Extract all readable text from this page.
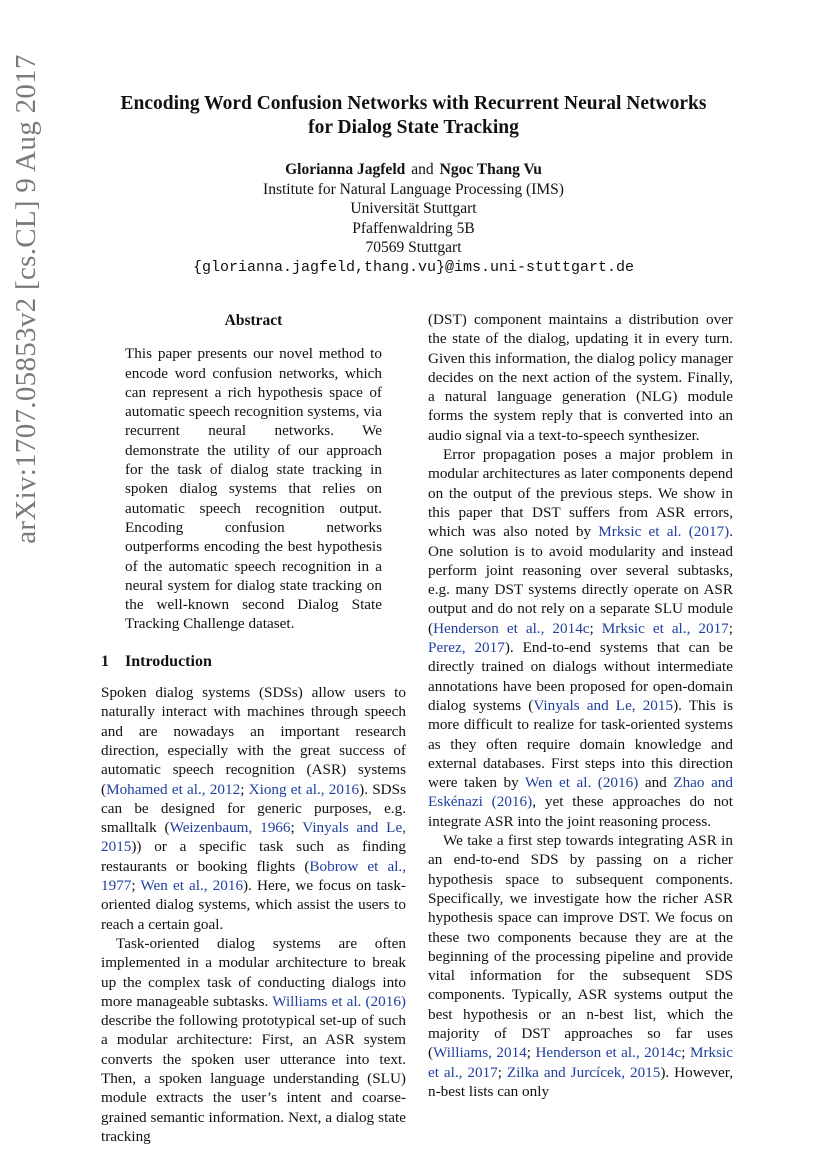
arXiv:1707.05853v2 [cs.CL] 9 Aug 2017	Encoding Word Confusion Networks with Recurrent Neural Networks
for Dialog State Tracking
Glorianna Jagfeld and Ngoc Thang Vu
Institute for Natural Language Processing (IMS)
Universität Stuttgart
Pfaffenwaldring 5B
70569 Stuttgart
{glorianna.jagfeld,thang.vu}@ims.uni-stuttgart.de
Abstract
This paper presents our novel method to encode word confusion networks, which can represent a rich hypothesis space of automatic speech recognition systems, via recurrent neural networks. We demonstrate the utility of our approach for the task of dialog state tracking in spoken dialog systems that relies on automatic speech recognition output. Encoding confusion networks outperforms encoding the best hypothesis of the automatic speech recognition in a neural system for dialog state tracking on the well-known second Dialog State Tracking Challenge dataset.
1 Introduction

Spoken dialog systems (SDSs) allow users to naturally interact with machines through speech and are nowadays an important research direction, especially with the great success of automatic speech recognition (ASR) systems (Mohamed et al., 2012; Xiong et al., 2016). SDSs can be designed for generic purposes, e.g. smalltalk (Weizenbaum, 1966; Vinyals and Le, 2015)) or a specific task such as finding restaurants or booking flights (Bobrow et al., 1977; Wen et al., 2016). Here, we focus on task-oriented dialog systems, which assist the users to reach a certain goal.

Task-oriented dialog systems are often implemented in a modular architecture to break up the complex task of conducting dialogs into more manageable subtasks. Williams et al. (2016) describe the following prototypical set-up of such a modular architecture: First, an ASR system converts the spoken user utterance into text. Then, a spoken language understanding (SLU) module extracts the user’s intent and coarse-grained semantic information. Next, a dialog state tracking

(DST) component maintains a distribution over the state of the dialog, updating it in every turn. Given this information, the dialog policy manager decides on the next action of the system. Finally, a natural language generation (NLG) module forms the system reply that is converted into an audio signal via a text-to-speech synthesizer.

Error propagation poses a major problem in modular architectures as later components depend on the output of the previous steps. We show in this paper that DST suffers from ASR errors, which was also noted by Mrksic et al. (2017). One solution is to avoid modularity and instead perform joint reasoning over several subtasks, e.g. many DST systems directly operate on ASR output and do not rely on a separate SLU module (Henderson et al., 2014c; Mrksic et al., 2017; Perez, 2017). End-to-end systems that can be directly trained on dialogs without intermediate annotations have been proposed for open-domain dialog systems (Vinyals and Le, 2015). This is more difficult to realize for task-oriented systems as they often require domain knowledge and external databases. First steps into this direction were taken by Wen et al. (2016) and Zhao and Eskénazi (2016), yet these approaches do not integrate ASR into the joint reasoning process.

We take a first step towards integrating ASR in an end-to-end SDS by passing on a richer hypothesis space to subsequent components. Specifically, we investigate how the richer ASR hypothesis space can improve DST. We focus on these two components because they are at the beginning of the processing pipeline and provide vital information for the subsequent SDS components. Typically, ASR systems output the best hypothesis or an n-best list, which the majority of DST approaches so far uses (Williams, 2014; Henderson et al., 2014c; Mrksic et al., 2017; Zilka and Jurcícek, 2015). However, n-best lists can only
